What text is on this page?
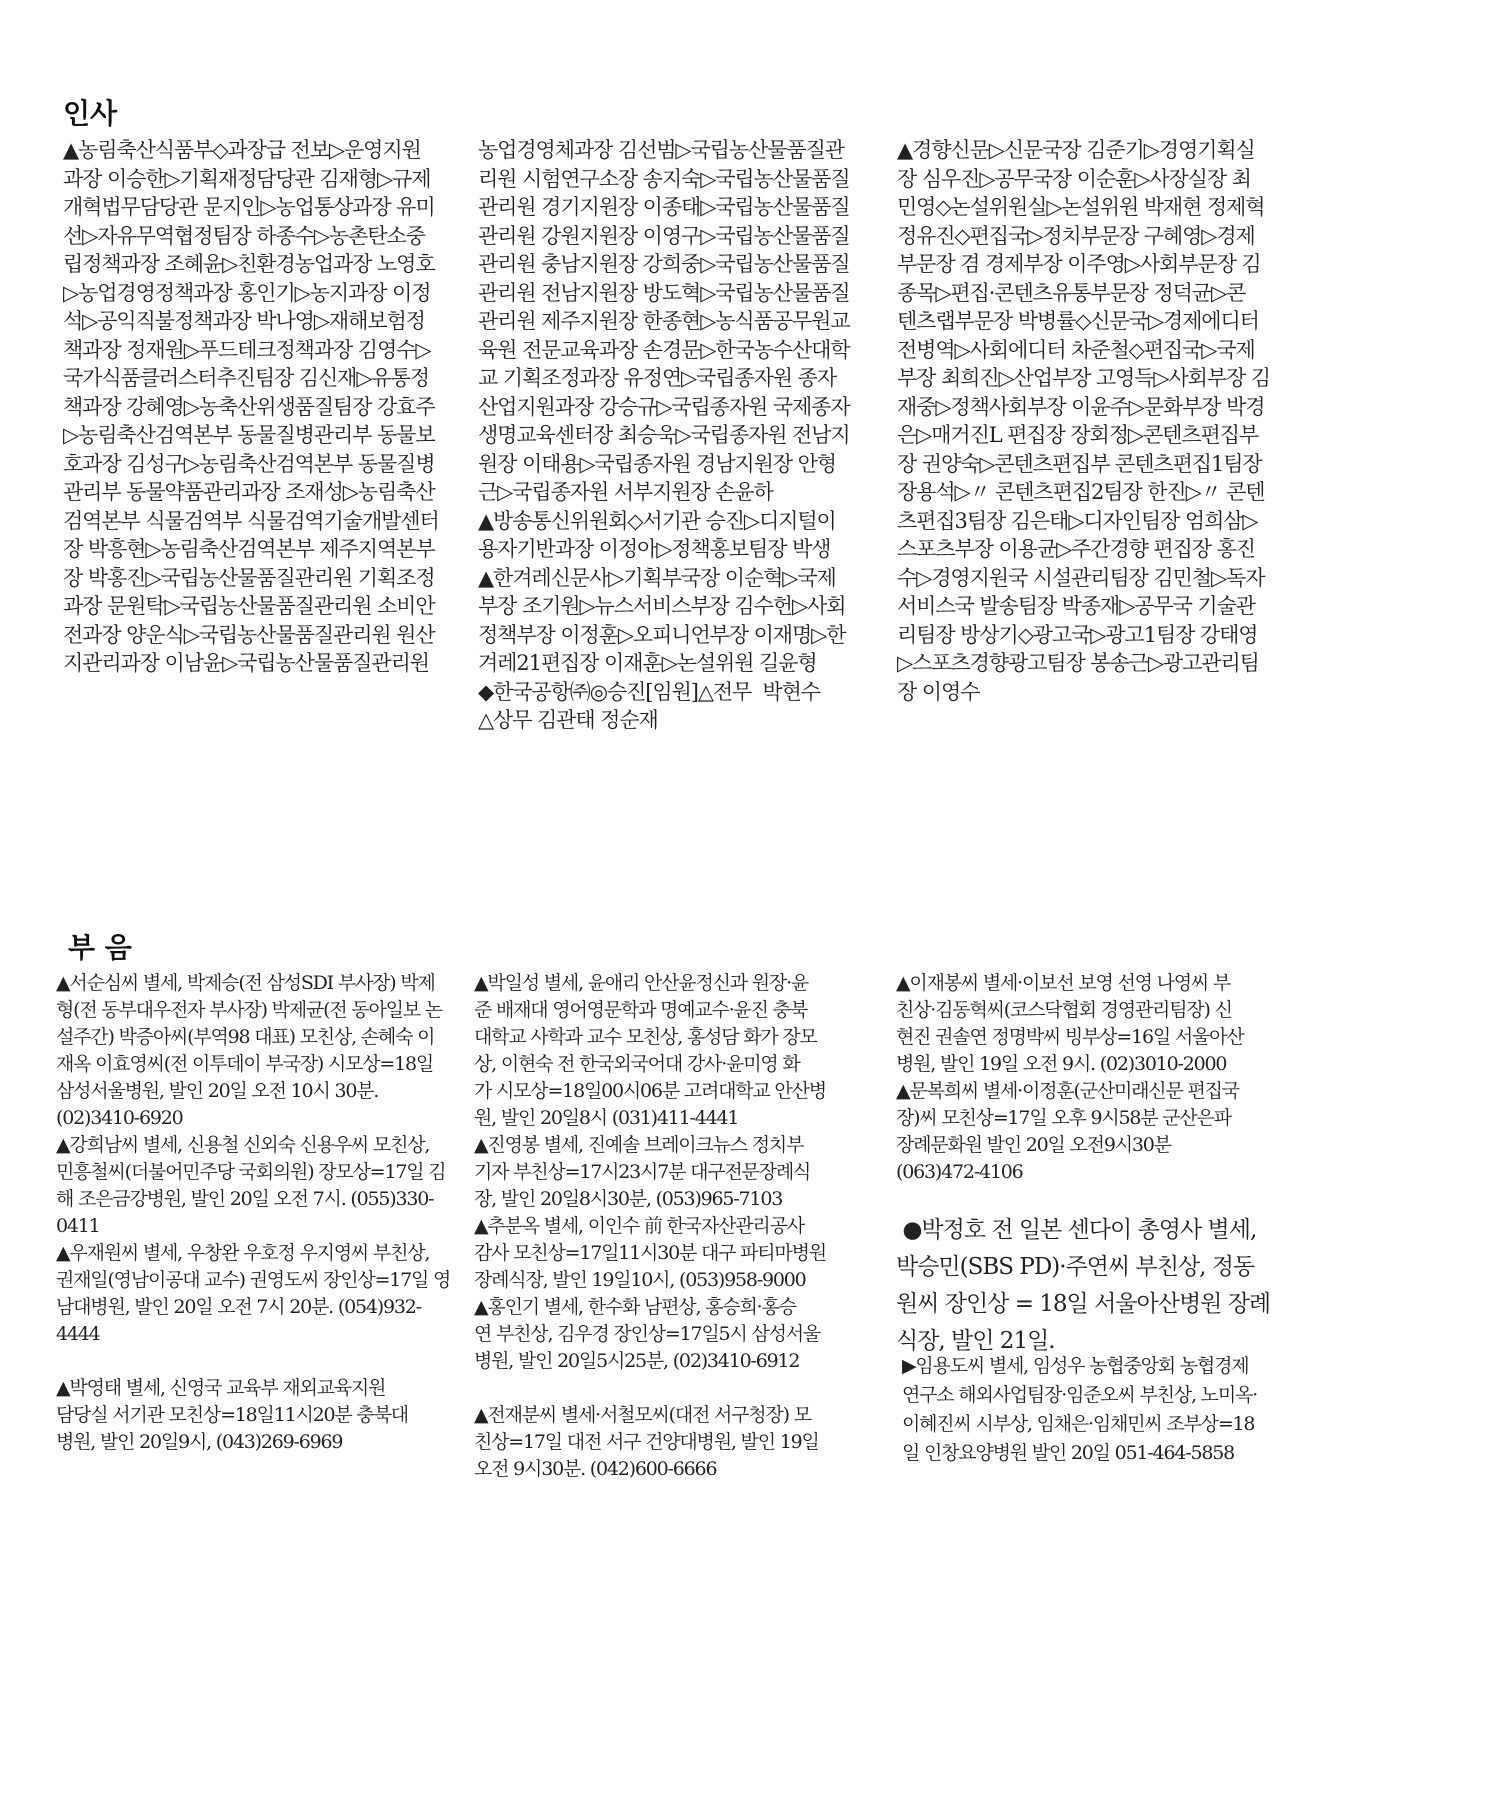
인사
▲농림축산식품부◇과장급 전보▷운영지원
과장 이승한▷기획재정담당관 김재형▷규제
개혁법무담당관 문지인▷농업통상과장 유미
선▷자유무역협정팀장 하종수▷농촌탄소중
립정책과장 조혜윤▷친환경농업과장 노영호
▷농업경영정책과장 홍인기▷농지과장 이정
석▷공익직불정책과장 박나영▷재해보험정
책과장 정재원▷푸드테크정책과장 김영수▷
국가식품클러스터추진팀장 김신재▷유통정
책과장 강혜영▷농축산위생품질팀장 강효주
▷농림축산검역본부 동물질병관리부 동물보
호과장 김성구▷농림축산검역본부 동물질병
관리부 동물약품관리과장 조재성▷농림축산
검역본부 식물검역부 식물검역기술개발센터
장 박흥현▷농림축산검역본부 제주지역본부
장 박홍진▷국립농산물품질관리원 기획조정
과장 문원탁▷국립농산물품질관리원 소비안
전과장 양운식▷국립농산물품질관리원 원산
지관리과장 이남윤▷국립농산물품질관리원
농업경영체과장 김선범▷국립농산물품질관
리원 시험연구소장 송지숙▷국립농산물품질
관리원 경기지원장 이종태▷국립농산물품질
관리원 강원지원장 이영구▷국립농산물품질
관리원 충남지원장 강희중▷국립농산물품질
관리원 전남지원장 방도혁▷국립농산물품질
관리원 제주지원장 한종현▷농식품공무원교
육원 전문교육과장 손경문▷한국농수산대학
교 기획조정과장 유정연▷국립종자원 종자
산업지원과장 강승규▷국립종자원 국제종자
생명교육센터장 최승욱▷국립종자원 전남지
원장 이태용▷국립종자원 경남지원장 안형
근▷국립종자원 서부지원장 손윤하
▲방송통신위원회◇서기관 승진▷디지털이
용자기반과장 이정아▷정책홍보팀장 박생
▲한겨레신문사▷기획부국장 이순혁▷국제
부장 조기원▷뉴스서비스부장 김수헌▷사회
정책부장 이정훈▷오피니언부장 이재명▷한
겨레21편집장 이재훈▷논설위원 길윤형
◆한국공항㈜◎승진[임원]△전무  박현수
△상무 김관태 정순재
▲경향신문▷신문국장 김준기▷경영기획실
장 심우진▷공무국장 이순훈▷사장실장 최
민영◇논설위원실▷논설위원 박재현 정제혁
정유진◇편집국▷정치부문장 구혜영▷경제
부문장 겸 경제부장 이주영▷사회부문장 김
종목▷편집·콘텐츠유통부문장 정덕균▷콘
텐츠랩부문장 박병률◇신문국▷경제에디터
전병역▷사회에디터 차준철◇편집국▷국제
부장 최희진▷산업부장 고영득▷사회부장 김
재중▷정책사회부장 이윤주▷문화부장 박경
은▷매거진L 편집장 장회정▷콘텐츠편집부
장 권양숙▷콘텐츠편집부 콘텐츠편집1팀장
장용석▷〃 콘텐츠편집2팀장 한진▷〃 콘텐
츠편집3팀장 김은태▷디자인팀장 엄희삼▷
스포츠부장 이용균▷주간경향 편집장 홍진
수▷경영지원국 시설관리팀장 김민철▷독자
서비스국 발송팀장 박종재▷공무국 기술관
리팀장 방상기◇광고국▷광고1팀장 강태영
▷스포츠경향광고팀장 봉송근▷광고관리팀
장 이영수
부 음
▲서순심씨 별세, 박제승(전 삼성SDI 부사장) 박제
형(전 동부대우전자 부사장) 박제균(전 동아일보 논
설주간) 박증아씨(부역98 대표) 모친상, 손혜숙 이
재옥 이효영씨(전 이투데이 부국장) 시모상=18일
삼성서울병원, 발인 20일 오전 10시 30분.
(02)3410-6920
▲강희남씨 별세, 신용철 신외숙 신용우씨 모친상,
민흥철씨(더불어민주당 국회의원) 장모상=17일 김
해 조은금강병원, 발인 20일 오전 7시. (055)330-
0411
▲우재원씨 별세, 우창완 우호정 우지영씨 부친상,
권재일(영남이공대 교수) 권영도씨 장인상=17일 영
남대병원, 발인 20일 오전 7시 20분. (054)932-
4444

▲박영태 별세, 신영국 교육부 재외교육지원
담당실 서기관 모친상=18일11시20분 충북대
병원, 발인 20일9시, (043)269-6969
▲박일성 별세, 윤애리 안산윤정신과 원장·윤
준 배재대 영어영문학과 명예교수·윤진 충북
대학교 사학과 교수 모친상, 홍성담 화가 장모
상, 이현숙 전 한국외국어대 강사·윤미영 화
가 시모상=18일00시06분 고려대학교 안산병
원, 발인 20일8시 (031)411-4441
▲진영봉 별세, 진예솔 브레이크뉴스 정치부
기자 부친상=17시23시7분 대구전문장례식
장, 발인 20일8시30분, (053)965-7103
▲추분옥 별세, 이인수 前 한국자산관리공사
감사 모친상=17일11시30분 대구 파티마병원
장례식장, 발인 19일10시, (053)958-9000
▲홍인기 별세, 한수화 남편상, 홍승희·홍승
연 부친상, 김우경 장인상=17일5시 삼성서울
병원, 발인 20일5시25분, (02)3410-6912

▲전재분씨 별세·서철모씨(대전 서구청장) 모
친상=17일 대전 서구 건양대병원, 발인 19일
오전 9시30분. (042)600-6666
▲이재봉씨 별세·이보선 보영 선영 나영씨 부
친상·김동혁씨(코스닥협회 경영관리팀장) 신
현진 권솔연 정명박씨 빙부상=16일 서울아산
병원, 발인 19일 오전 9시. (02)3010-2000
▲문복희씨 별세·이정훈(군산미래신문 편집국
장)씨 모친상=17일 오후 9시58분 군산은파
장례문화원 발인 20일 오전9시30분
(063)472-4106
●박정호 전 일본 센다이 총영사 별세,
박승민(SBS PD)·주연씨 부친상, 정동
원씨 장인상 = 18일 서울아산병원 장례
식장, 발인 21일.
▶임용도씨 별세, 임성우 농협중앙회 농협경제
연구소 해외사업팀장·임준오씨 부친상, 노미옥·
이혜진씨 시부상, 임채은·임채민씨 조부상=18
일 인창요양병원 발인 20일 051-464-5858
